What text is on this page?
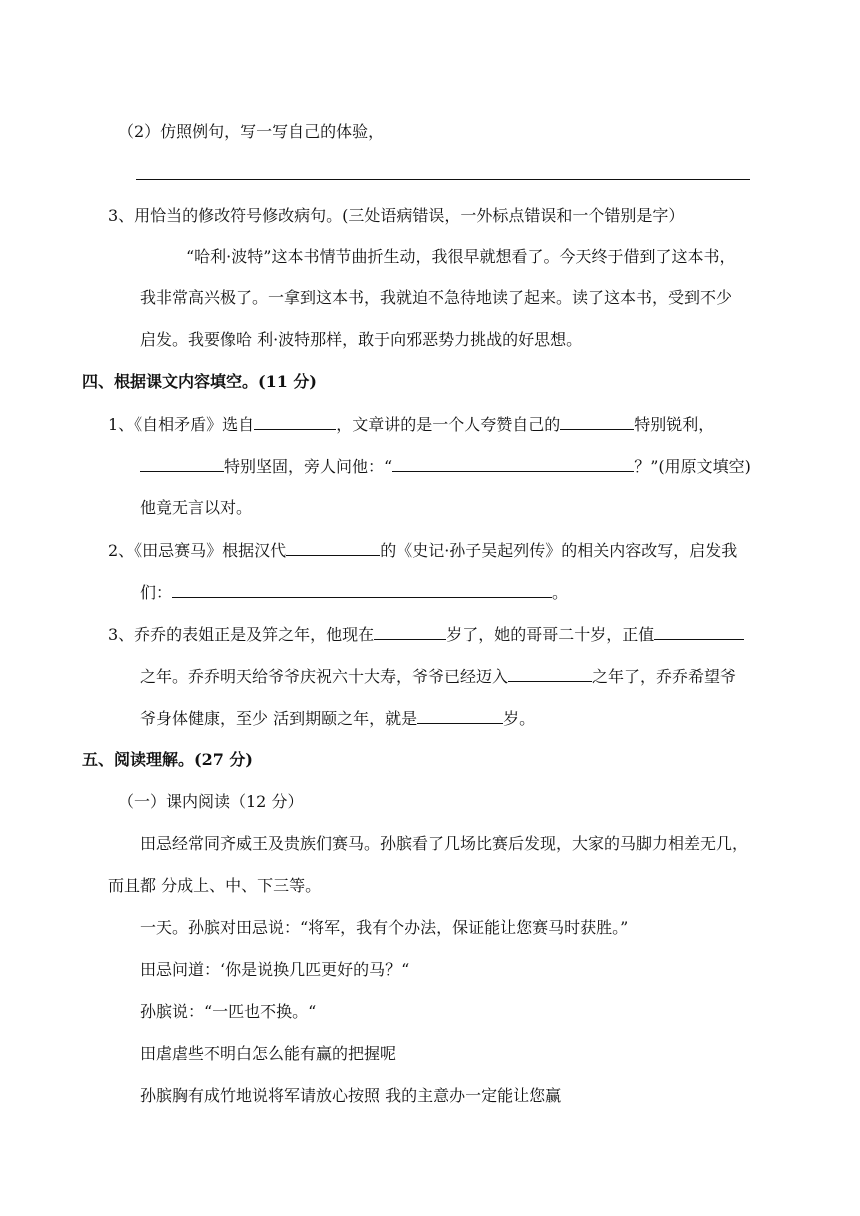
（2）仿照例句，写一写自己的体验，
3、用恰当的修改符号修改病句。(三处语病错误，一外标点错误和一个错别是字）
“哈利·波特”这本书情节曲折生动，我很早就想看了。今天终于借到了这本书，
我非常高兴极了。一拿到这本书，我就迫不急待地读了起来。读了这本书，受到不少
启发。我要像哈 利·波特那样，敢于向邪恶势力挑战的好思想。
四、根据课文内容填空。(11 分)
1、《自相矛盾》选自	，文章讲的是一个人夸赞自己的	特别锐利，
特别坚固，旁人问他：“	？”(用原文填空)
他竟无言以对。
2、《田忌赛马》根据汉代	的《史记·孙子吴起列传》的相关内容改写，启发我
们：	。
3、乔乔的表姐正是及笄之年，他现在	岁了，她的哥哥二十岁，正值
之年。乔乔明天给爷爷庆祝六十大寿，爷爷已经迈入	之年了，乔乔希望爷
爷身体健康，至少 活到期颐之年，就是	岁。
五、阅读理解。(27 分)
（一）课内阅读（12 分）
田忌经常同齐威王及贵族们赛马。孙膑看了几场比赛后发现，大家的马脚力相差无几，
而且都 分成上、中、下三等。
一天。孙膑对田忌说：“将军，我有个办法，保证能让您赛马时获胜。”
田忌问道：‘你是说换几匹更好的马？“
孙膑说：“一匹也不换。“
田虐虐些不明白怎么能有赢的把握呢
孙膑胸有成竹地说将军请放心按照 我的主意办一定能让您赢
